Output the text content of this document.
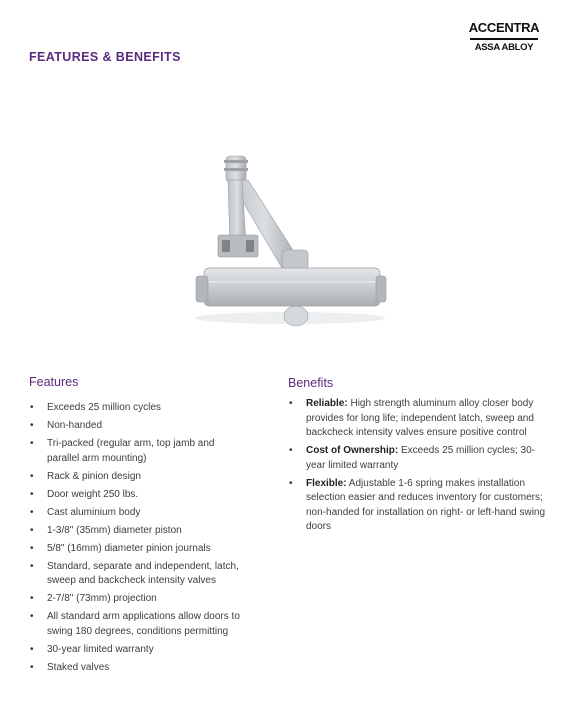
FEATURES & BENEFITS
ACCENTRA
ASSA ABLOY
Features
• Exceeds 25 million cycles
• Non-handed
• Tri-packed (regular arm, top jamb and parallel arm mounting)
• Rack & pinion design
• Door weight 250 lbs.
• Cast aluminium body
• 1-3/8" (35mm) diameter piston
• 5/8" (16mm) diameter pinion journals
• Standard, separate and independent, latch, sweep and backcheck intensity valves
• 2-7/8" (73mm) projection
• All standard arm applications allow doors to swing 180 degrees, conditions permitting
• 30-year limited warranty
• Staked valves
Benefits
• Reliable: High strength aluminum alloy closer body provides for long life; independent latch, sweep and backcheck intensity valves ensure positive control
• Cost of Ownership: Exceeds 25 million cycles; 30-year limited warranty
• Flexible: Adjustable 1-6 spring makes installation selection easier and reduces inventory for customers; non-handed for installation on right- or left-hand swing doors
